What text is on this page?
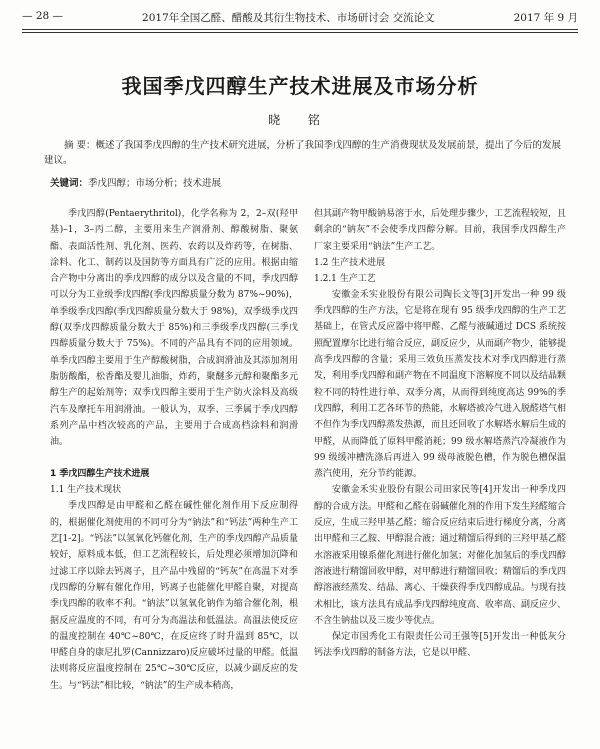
— 28 —	2017年全国乙醛、醋酸及其衍生物技术、市场研讨会 交流论文	2017 年 9 月
我国季戊四醇生产技术进展及市场分析
晓 铭
摘 要：概述了我国季戊四醇的生产技术研究进展，分析了我国季戊四醇的生产消费现状及发展前景，提出了今后的发展建议。
关键词：季戊四醇；市场分析；技术进展

季戊四醇(Pentaerythritol)，化学名称为 2，2–双(羟甲基)–1，3–丙二醇，主要用来生产润滑剂、醇酸树脂、聚氨酯、表面活性剂、乳化剂、医药、农药以及炸药等，在树脂、涂料、化工、制药以及国防等方面具有广泛的应用。根据由缩合产物中分离出的季戊四醇的成分以及含量的不同，季戊四醇可以分为工业级季戊四醇(季戊四醇质量分数为 87%~90%)，单季级季戊四醇(季戊四醇质量分数大于 98%)，双季级季戊四醇(双季戊四醇质量分数大于 85%)和三季级季戊四醇(三季戊四醇质量分数大于 75%)。不同的产品具有不同的应用领域。单季戊四醇主要用于生产醇酸树脂，合成润滑油及其添加剂用脂肪酸酯，松香酯及婴儿油脂，炸药，聚醚多元醇和聚酯多元醇生产的起始剂等；双季戊四醇主要用于生产防火涂料及高级汽车及摩托车用润滑油。一般认为，双季、三季属于季戊四醇系列产品中档次较高的产品，主要用于合成高档涂料和润滑油。

1 季戊四醇生产技术进展
1.1 生产技术现状

季戊四醇是由甲醛和乙醛在碱性催化剂作用下反应制得的，根据催化剂使用的不同可分为“钠法”和“钙法”两种生产工艺[1-2]。“钙法”以氢氧化钙催化剂，生产的季戊四醇产品质量较好，原料成本低，但工艺流程较长，后处理必须增加沉降和过滤工序以除去钙离子，且产品中残留的“钙灰”在高温下对季戊四醇的分解有催化作用，钙离子也能催化甲醛自聚，对提高季戊四醇的收率不利。“钠法”以氢氧化钠作为缩合催化剂，根据反应温度的不同，有可分为高温法和低温法。高温法使反应的温度控制在 40℃~80℃，在反应终了时升温到 85℃，以甲醛自身的康尼扎罗(Cannizzaro)反应破坏过量的甲醛。低温法则将反应温度控制在 25℃~30℃反应，以减少副反应的发生。与“钙法”相比较，“钠法”的生产成本稍高，

但其副产物甲酸钠易溶于水，后处理步骤少，工艺流程较短，且剩余的“钠灰”不会使季戊四醇分解。目前，我国季戊四醇生产厂家主要采用“钠法”生产工艺。

1.2 生产技术进展
1.2.1 生产工艺

安徽金禾实业股份有限公司陶长文等[3]开发出一种 99 级季戊四醇的生产方法，它是将在现有 95 级季戊四醇的生产工艺基础上，在管式反应器中将甲醛、乙醛与液碱通过 DCS 系统按照配置摩尔比进行缩合反应，副反应少，从而副产物少，能够提高季戊四醇的含量；采用三效负压蒸发技术对季戊四醇进行蒸发，利用季戊四醇和副产物在不同温度下溶解度不同以及结晶颗粒不同的特性进行单、双季分离，从而得到纯度高达 99%的季戊四醇，利用工艺各环节的热能，水解塔被冷气进入脱醛塔气相不但作为季戊四醇蒸发热源，而且还回收了水解塔水解后生成的甲醛，从而降低了原料甲醛消耗；99 级水解塔蒸汽冷凝液作为 99 级缓冲槽洗涤后再进入 99 级母液脱色槽，作为脱色槽保温蒸汽使用，充分节约能源。

安徽金禾实业股份有限公司田家民等[4]开发出一种季戊四醇的合成方法。甲醛和乙醛在弱碱催化剂的作用下发生羟醛缩合反应，生成三羟甲基乙醛；缩合反应结束后进行梯度分离，分离出甲醛和三乙胺、甲醇混合液；通过精馏后得到的三羟甲基乙醛水溶液采用镍系催化剂进行催化加氢；对催化加氢后的季戊四醇溶液进行精馏回收甲醇，对甲醇进行精馏回收；精馏后的季戊四醇溶液经蒸发、结晶、离心、干燥获得季戊四醇成品。与现有技术相比，该方法具有成品季戊四醇纯度高、收率高、副反应少、不含生钠盐以及三废少等优点。

保定市国秀化工有限责任公司王强等[5]开发出一种低灰分钙法季戊四醇的制备方法，它是以甲醛、
